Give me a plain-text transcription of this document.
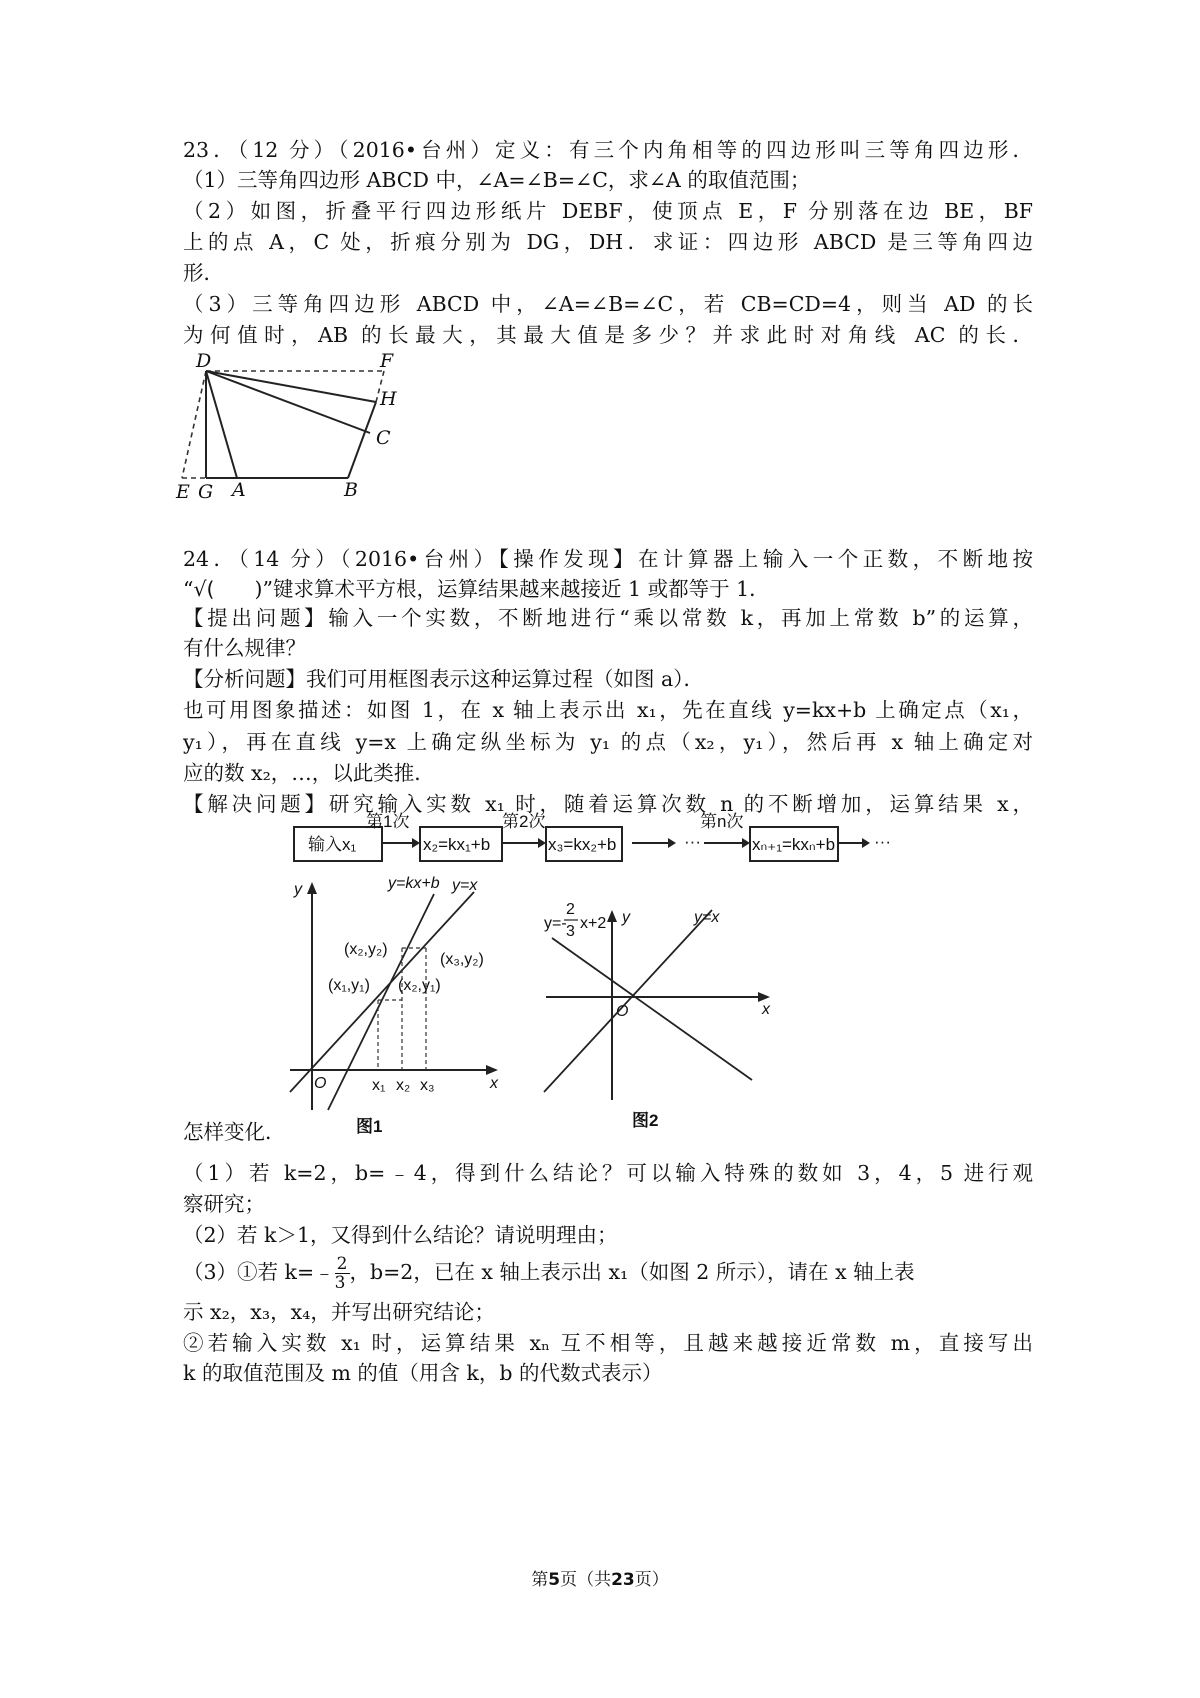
23．（12 分）（2016•台州）定义：有三个内角相等的四边形叫三等角四边形．
（1）三等角四边形 ABCD 中，∠A=∠B=∠C，求∠A 的取值范围；
（2）如图，折叠平行四边形纸片 DEBF，使顶点 E，F 分别落在边 BE，BF
上的点 A，C 处，折痕分别为 DG，DH．求证：四边形 ABCD 是三等角四边
形．
（3）三等角四边形 ABCD 中，∠A=∠B=∠C，若 CB=CD=4，则当 AD 的长
为何值时，AB 的长最大，其最大值是多少？并求此时对角线 AC 的长．
D	F
H
C
E G A	B
24．（14 分）（2016•台州）【操作发现】在计算器上输入一个正数，不断地按
“√( )”键求算术平方根，运算结果越来越接近 1 或都等于 1．
【提出问题】输入一个实数，不断地进行“乘以常数 k，再加上常数 b”的运算，
有什么规律？
【分析问题】我们可用框图表示这种运算过程（如图 a）．
也可用图象描述：如图 1，在 x 轴上表示出 x₁，先在直线 y=kx+b 上确定点（x₁，
y₁），再在直线 y=x 上确定纵坐标为 y₁ 的点（x₂，y₁），然后再 x 轴上确定对
应的数 x₂，…，以此类推．
【解决问题】研究输入实数 x₁ 时，随着运算次数 n 的不断增加，运算结果 x，
输入x₁
第1次
x₂=kx₁+b
第2次
x₃=kx₂+b	···
第n次
xₙ₊₁=kxₙ+b ···
y
x
O
y=kx+b y=x
(x₂,y₂)
(x₃,y₂)
(x₁,y₁) (x₂,y₁)
x₁ x₂ x₃
图1
y=-
2
3 x+2 y
x
O
y=x
图2
怎样变化．
（1）若 k=2，b=﹣4，得到什么结论？可以输入特殊的数如 3，4，5 进行观
察研究；
（2）若 k＞1，又得到什么结论？请说明理由；
（3）①若 k=﹣ $\frac{2}{3}$ ，b=2，已在 x 轴上表示出 x₁（如图 2 所示），请在 x 轴上表
示 x₂，x₃，x₄，并写出研究结论；
②若输入实数 x₁ 时，运算结果 xₙ 互不相等，且越来越接近常数 m，直接写出
k 的取值范围及 m 的值（用含 k，b 的代数式表示）
第5页（共23页）
